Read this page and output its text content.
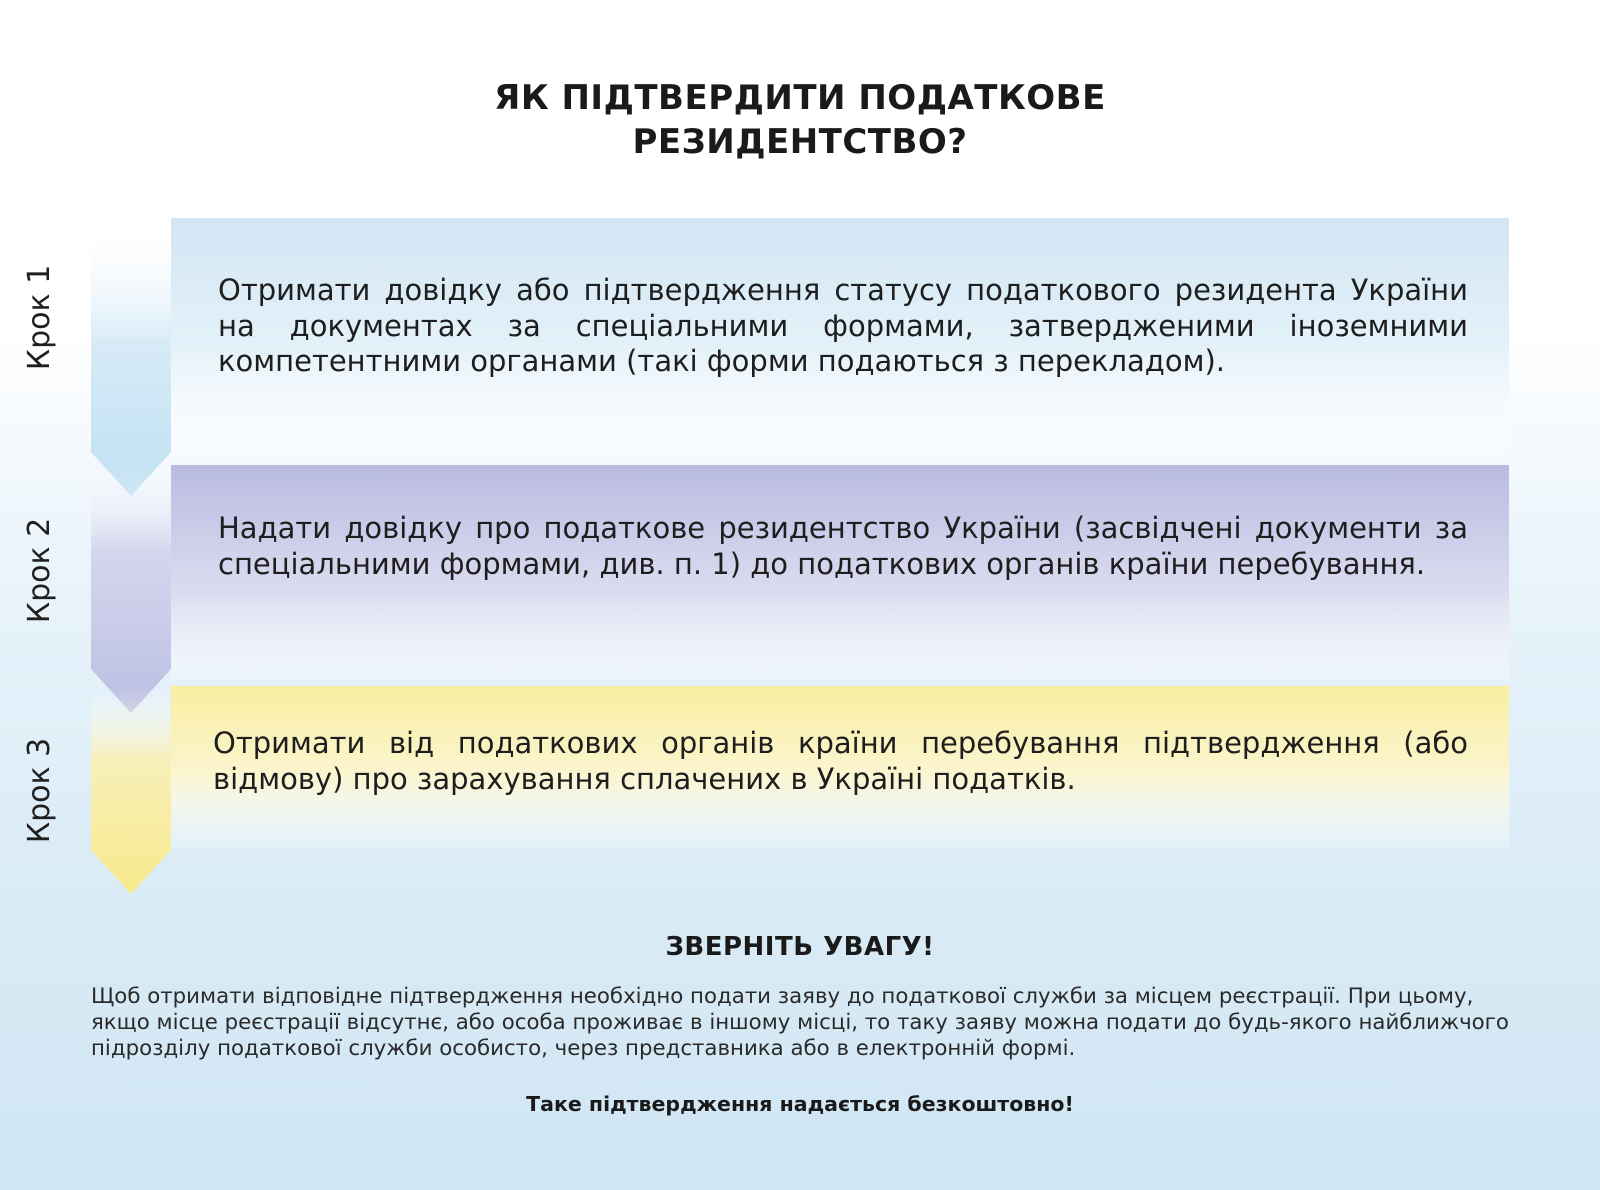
ЯК ПІДТВЕРДИТИ ПОДАТКОВЕ
РЕЗИДЕНТСТВО?
Крок 1	Отримати довідку або підтвердження статусу податкового резидента України на документах за спеціальними формами, затвердженими іноземними компетентними органами (такі форми подаються з перекладом).
Крок 2	Надати довідку про податкове резидентство України (засвідчені документи за спеціальними формами, див. п. 1) до податкових органів країни перебування.
Крок 3	Отримати від податкових органів країни перебування підтвердження (або відмову) про зарахування сплачених в Україні податків.
ЗВЕРНІТЬ УВАГУ!
Щоб отримати відповідне підтвердження необхідно подати заяву до податкової служби за місцем реєстрації. При цьому, якщо місце реєстрації відсутнє, або особа проживає в іншому місці, то таку заяву можна подати до будь-якого найближчого підрозділу податкової служби особисто, через представника або в електронній формі.
Таке підтвердження надається безкоштовно!
